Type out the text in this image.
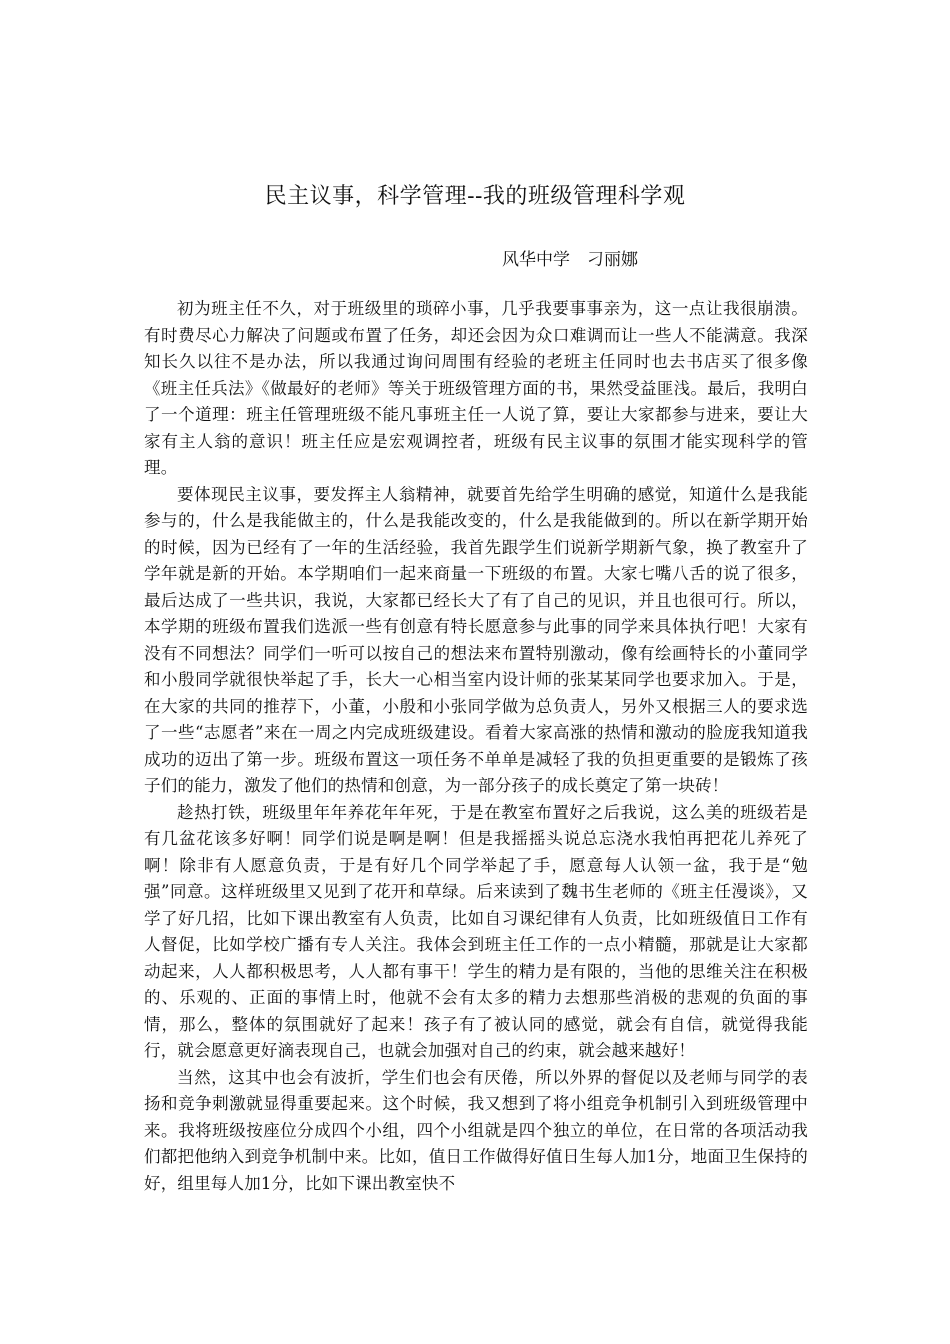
民主议事，科学管理--我的班级管理科学观

风华中学　刁丽娜

初为班主任不久，对于班级里的琐碎小事，几乎我要事事亲为，这一点让我很崩溃。有时费尽心力解决了问题或布置了任务，却还会因为众口难调而让一些人不能满意。我深知长久以往不是办法，所以我通过询问周围有经验的老班主任同时也去书店买了很多像《班主任兵法》《做最好的老师》等关于班级管理方面的书，果然受益匪浅。最后，我明白了一个道理：班主任管理班级不能凡事班主任一人说了算，要让大家都参与进来，要让大家有主人翁的意识！班主任应是宏观调控者，班级有民主议事的氛围才能实现科学的管理。

要体现民主议事，要发挥主人翁精神，就要首先给学生明确的感觉，知道什么是我能参与的，什么是我能做主的，什么是我能改变的，什么是我能做到的。所以在新学期开始的时候，因为已经有了一年的生活经验，我首先跟学生们说新学期新气象，换了教室升了学年就是新的开始。本学期咱们一起来商量一下班级的布置。大家七嘴八舌的说了很多，最后达成了一些共识，我说，大家都已经长大了有了自己的见识，并且也很可行。所以，本学期的班级布置我们选派一些有创意有特长愿意参与此事的同学来具体执行吧！大家有没有不同想法？同学们一听可以按自己的想法来布置特别激动，像有绘画特长的小董同学和小殷同学就很快举起了手，长大一心相当室内设计师的张某某同学也要求加入。于是，在大家的共同的推荐下，小董，小殷和小张同学做为总负责人，另外又根据三人的要求选了一些“志愿者”来在一周之内完成班级建设。看着大家高涨的热情和激动的脸庞我知道我成功的迈出了第一步。班级布置这一项任务不单单是减轻了我的负担更重要的是锻炼了孩子们的能力，激发了他们的热情和创意，为一部分孩子的成长奠定了第一块砖！

趁热打铁，班级里年年养花年年死，于是在教室布置好之后我说，这么美的班级若是有几盆花该多好啊！同学们说是啊是啊！但是我摇摇头说总忘浇水我怕再把花儿养死了啊！除非有人愿意负责，于是有好几个同学举起了手，愿意每人认领一盆，我于是“勉强”同意。这样班级里又见到了花开和草绿。后来读到了魏书生老师的《班主任漫谈》，又学了好几招，比如下课出教室有人负责，比如自习课纪律有人负责，比如班级值日工作有人督促，比如学校广播有专人关注。我体会到班主任工作的一点小精髓，那就是让大家都动起来，人人都积极思考，人人都有事干！学生的精力是有限的，当他的思维关注在积极的、乐观的、正面的事情上时，他就不会有太多的精力去想那些消极的悲观的负面的事情，那么，整体的氛围就好了起来！孩子有了被认同的感觉，就会有自信，就觉得我能行，就会愿意更好滴表现自己，也就会加强对自己的约束，就会越来越好！

当然，这其中也会有波折，学生们也会有厌倦，所以外界的督促以及老师与同学的表扬和竞争刺激就显得重要起来。这个时候，我又想到了将小组竞争机制引入到班级管理中来。我将班级按座位分成四个小组，四个小组就是四个独立的单位，在日常的各项活动我们都把他纳入到竞争机制中来。比如，值日工作做得好值日生每人加1分，地面卫生保持的好，组里每人加1分，比如下课出教室快不
